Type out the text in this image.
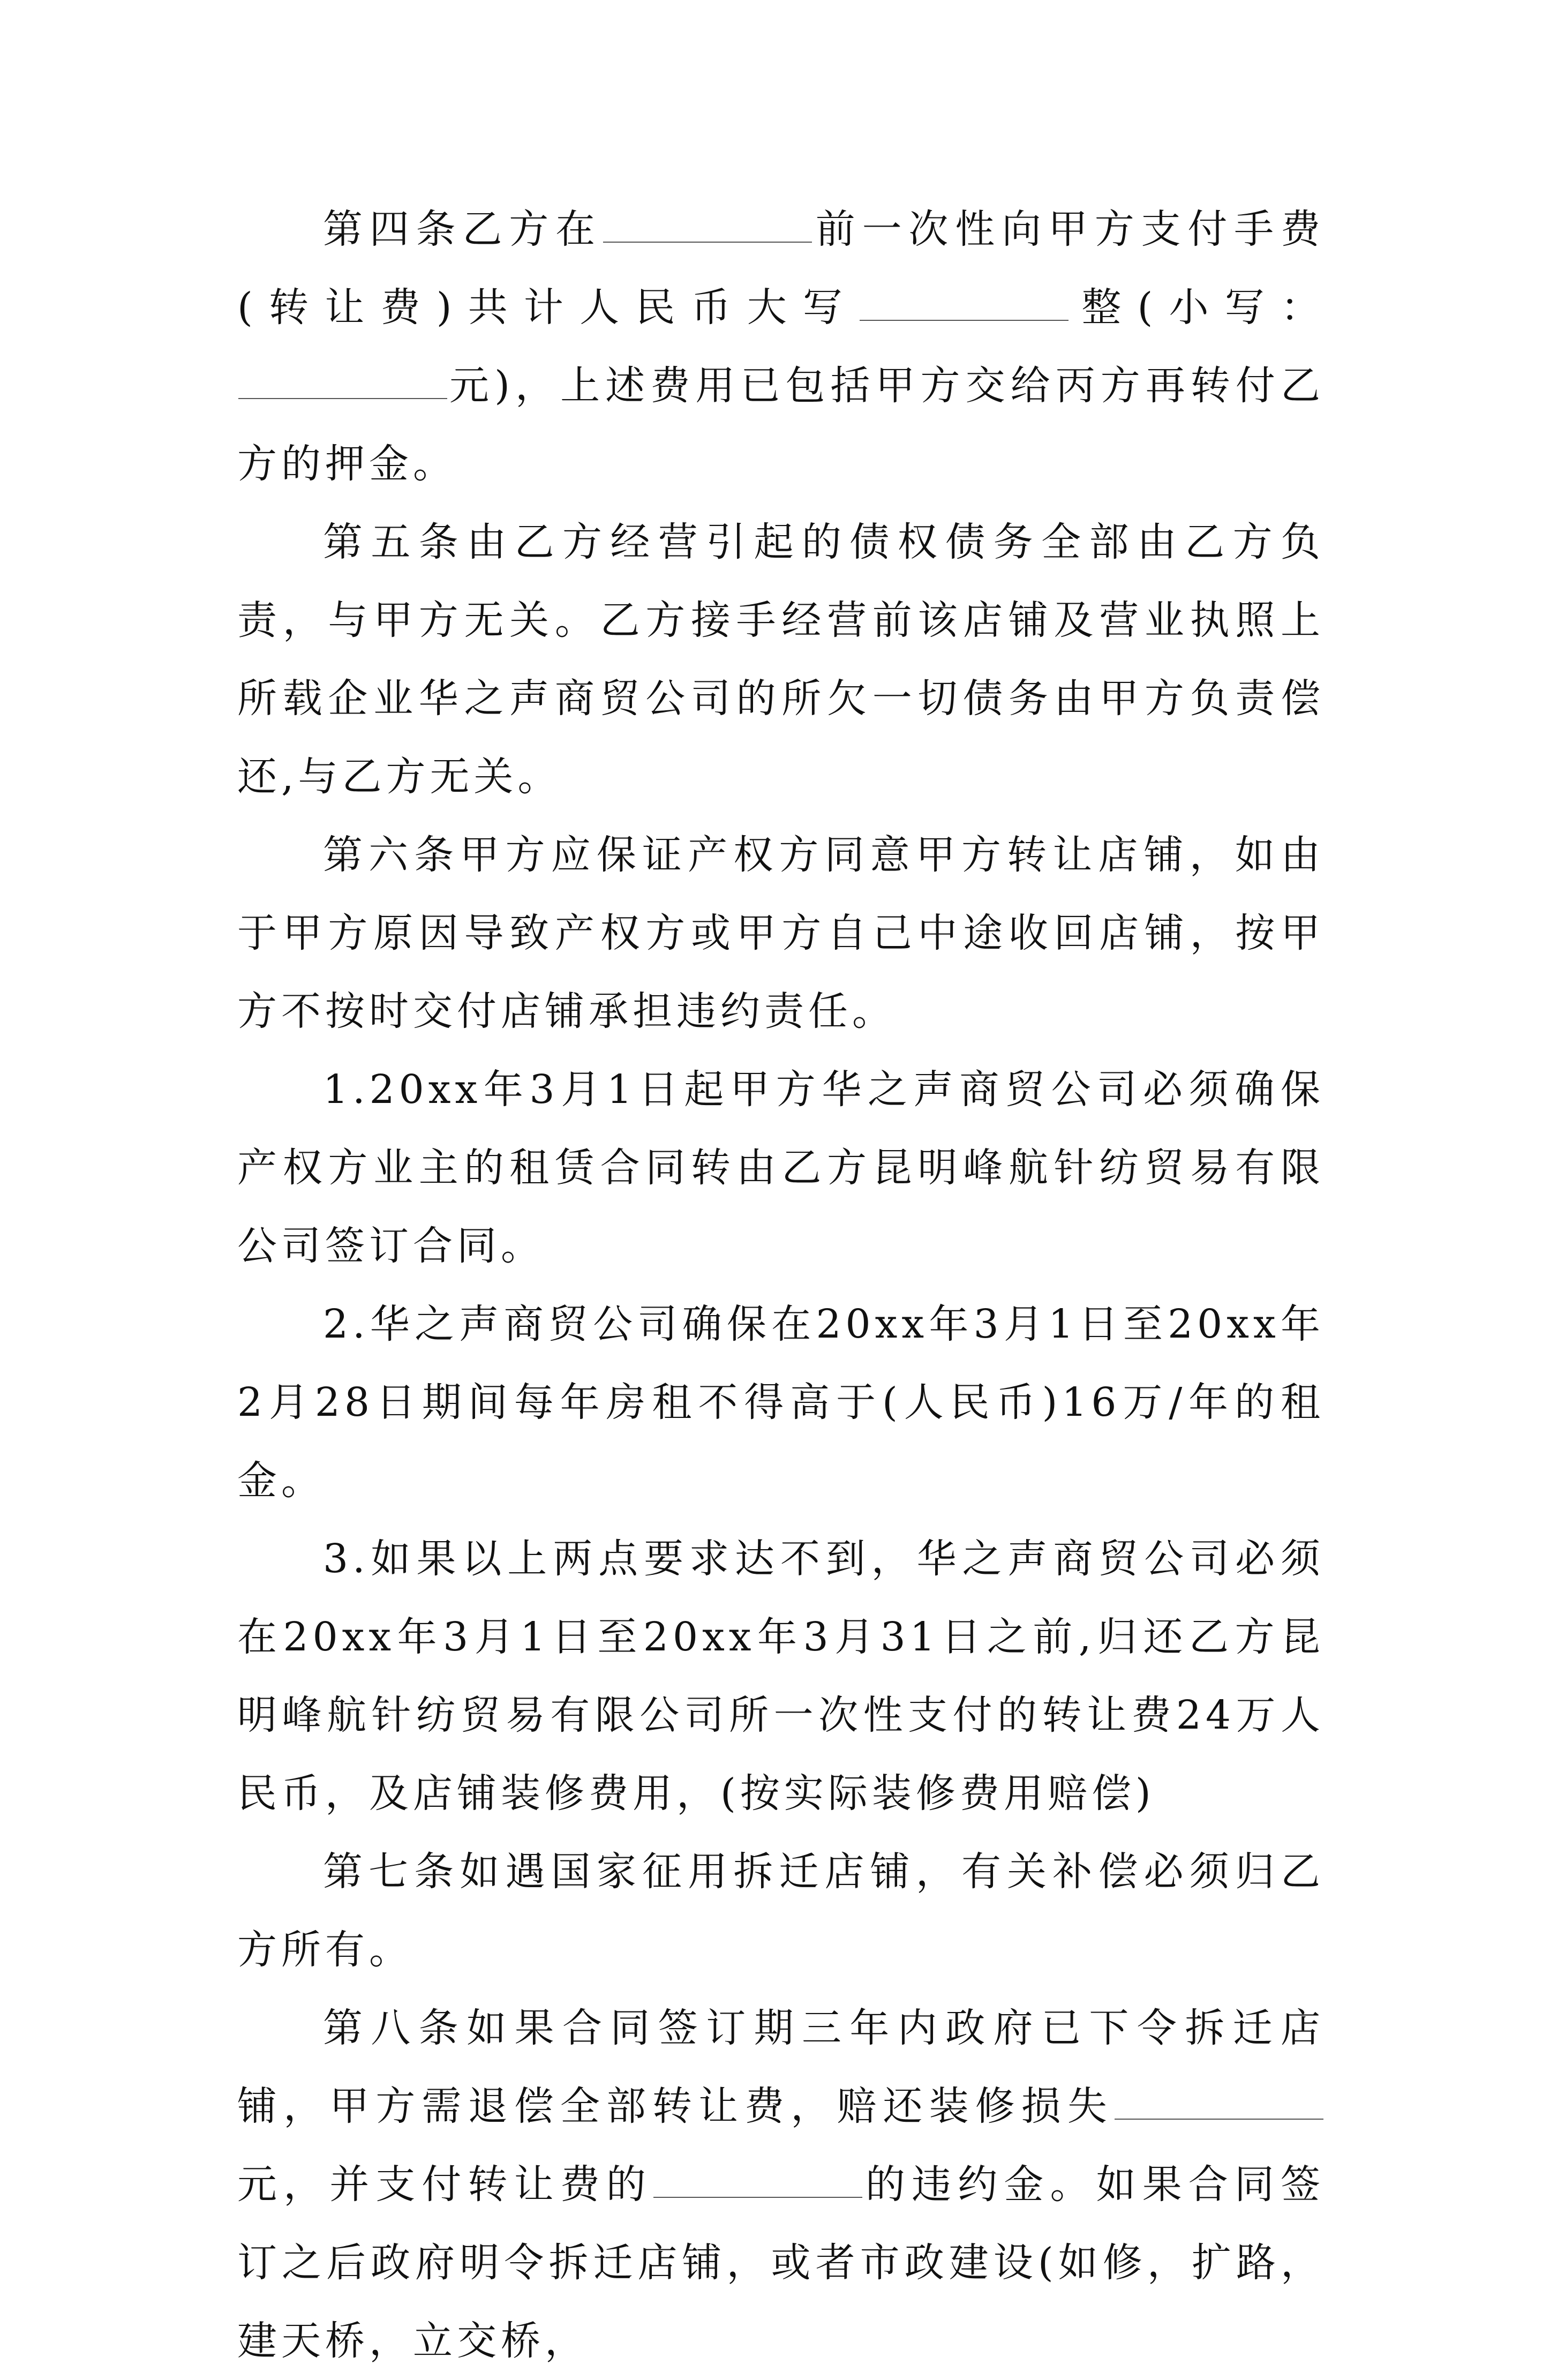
第四条乙方在	前一次性向甲方支付手费(转让费)共计人民币大写	整(小写：元)，上述费用已包括甲方交给丙方再转付乙方的押金。

第五条由乙方经营引起的债权债务全部由乙方负责，与甲方无关。乙方接手经营前该店铺及营业执照上所载企业华之声商贸公司的所欠一切债务由甲方负责偿还,与乙方无关。

第六条甲方应保证产权方同意甲方转让店铺，如由于甲方原因导致产权方或甲方自己中途收回店铺，按甲方不按时交付店铺承担违约责任。

1.20xx年3月1日起甲方华之声商贸公司必须确保产权方业主的租赁合同转由乙方昆明峰航针纺贸易有限公司签订合同。

2.华之声商贸公司确保在20xx年3月1日至20xx年2月28日期间每年房租不得高于(人民币)16万/年的租金。

3.如果以上两点要求达不到，华之声商贸公司必须在20xx年3月1日至20xx年3月31日之前,归还乙方昆明峰航针纺贸易有限公司所一次性支付的转让费24万人民币，及店铺装修费用，(按实际装修费用赔偿)

第七条如遇国家征用拆迁店铺，有关补偿必须归乙方所有。

第八条如果合同签订期三年内政府已下令拆迁店铺，甲方需退偿全部转让费，赔还装修损失元，并支付转让费的	的违约金。如果合同签订之后政府明令拆迁店铺，或者市政建设(如修，扩路，建天桥，立交桥，
